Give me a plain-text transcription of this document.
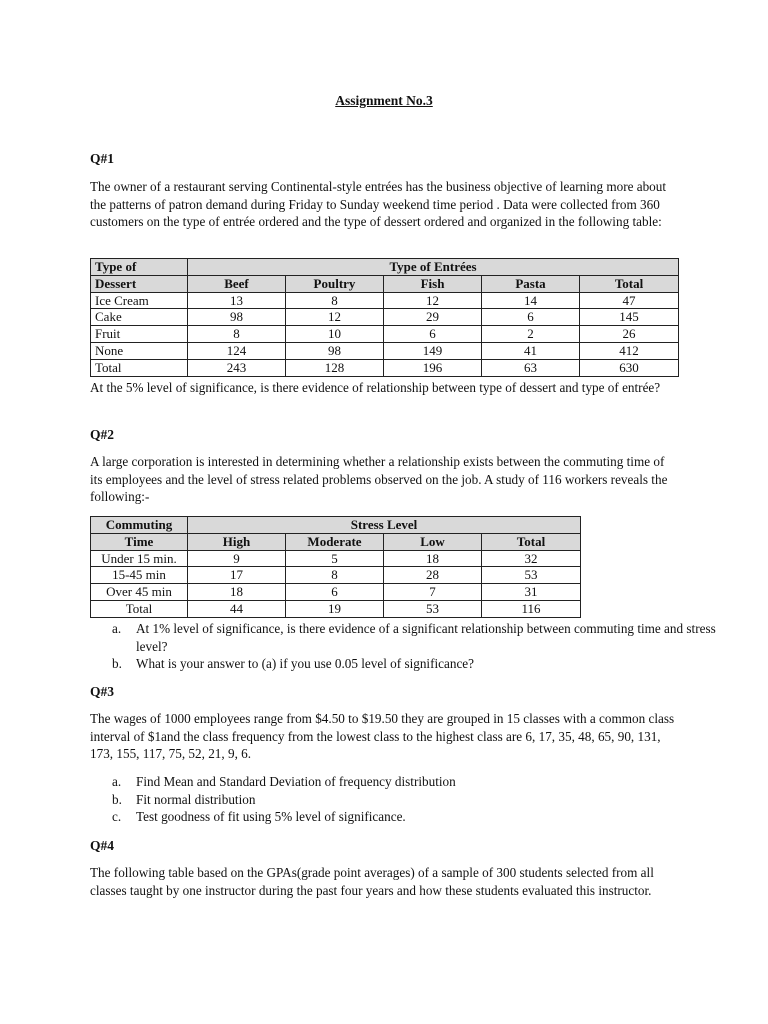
Assignment No.3
Q#1

The owner of a restaurant serving Continental-style entrées has the business objective of learning more about the patterns of patron demand during Friday to Sunday weekend time period . Data were collected from 360 customers on the type of entrée ordered and the type of dessert ordered and organized in the following table:

Type of	Type of Entrées				
Dessert	Beef	Poultry	Fish	Pasta	Total
Ice Cream	13	8	12	14	47
Cake	98	12	29	6	145
Fruit	8	10	6	2	26
None	124	98	149	41	412
Total	243	128	196	63	630

At the 5% level of significance, is there evidence of relationship between type of dessert and type of entrée?

Q#2

A large corporation is interested in determining whether a relationship exists between the commuting time of its employees and the level of stress related problems observed on the job. A study of 116 workers reveals the following:-

Commuting	Stress Level			
Time	High	Moderate	Low	Total
Under 15 min.	9	5	18	32
15-45 min	17	8	28	53
Over 45 min	18	6	7	31
Total	44	19	53	116
a. At 1% level of significance, is there evidence of a significant relationship between commuting time and stress level?
b. What is your answer to (a) if you use 0.05 level of significance?
Q#3

The wages of 1000 employees range from $4.50 to $19.50 they are grouped in 15 classes with a common class interval of $1and the class frequency from the lowest class to the highest class are 6, 17, 35, 48, 65, 90, 131, 173, 155, 117, 75, 52, 21, 9, 6.

a. Find Mean and Standard Deviation of frequency distribution
b. Fit normal distribution
c. Test goodness of fit using 5% level of significance.
Q#4

The following table based on the GPAs(grade point averages) of a sample of 300 students selected from all classes taught by one instructor during the past four years and how these students evaluated this instructor.
